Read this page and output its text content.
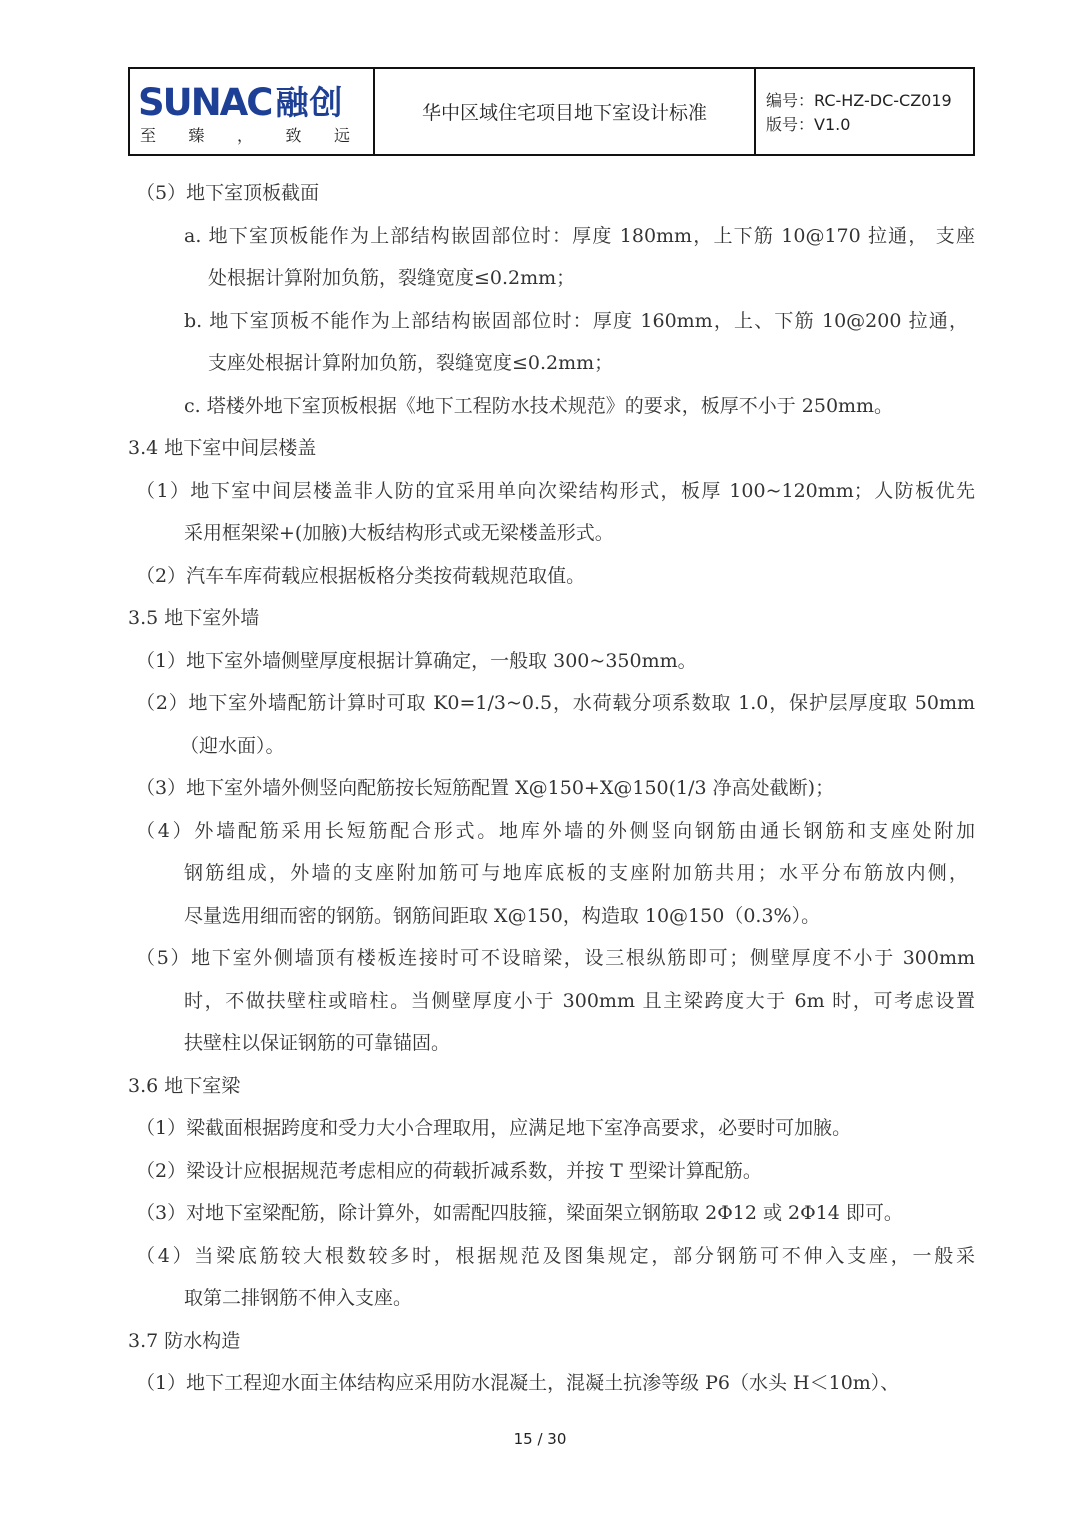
SUNAC 融创
至 臻 ， 致 远
华中区域住宅项目地下室设计标准
编号：RC-HZ-DC-CZ019
版号：V1.0
（5）地下室顶板截面
a. 地下室顶板能作为上部结构嵌固部位时：厚度 180mm，上下筋 10@170 拉通， 支座
处根据计算附加负筋，裂缝宽度≤0.2mm；
b. 地下室顶板不能作为上部结构嵌固部位时：厚度 160mm，上、下筋 10@200 拉通，
支座处根据计算附加负筋，裂缝宽度≤0.2mm；
c. 塔楼外地下室顶板根据《地下工程防水技术规范》的要求，板厚不小于 250mm。
3.4 地下室中间层楼盖
（1）地下室中间层楼盖非人防的宜采用单向次梁结构形式，板厚 100~120mm；人防板优先
采用框架梁+(加腋)大板结构形式或无梁楼盖形式。
（2）汽车车库荷载应根据板格分类按荷载规范取值。
3.5 地下室外墙
（1）地下室外墙侧壁厚度根据计算确定，一般取 300~350mm。
（2）地下室外墙配筋计算时可取 K0=1/3~0.5，水荷载分项系数取 1.0，保护层厚度取 50mm
（迎水面）。
（3）地下室外墙外侧竖向配筋按长短筋配置 X@150+X@150(1/3 净高处截断)；
（4）外墙配筋采用长短筋配合形式。地库外墙的外侧竖向钢筋由通长钢筋和支座处附加
钢筋组成，外墙的支座附加筋可与地库底板的支座附加筋共用；水平分布筋放内侧，
尽量选用细而密的钢筋。钢筋间距取 X@150，构造取 10@150（0.3%）。
（5）地下室外侧墙顶有楼板连接时可不设暗梁，设三根纵筋即可；侧壁厚度不小于 300mm
时，不做扶壁柱或暗柱。当侧壁厚度小于 300mm 且主梁跨度大于 6m 时，可考虑设置
扶壁柱以保证钢筋的可靠锚固。
3.6 地下室梁
（1）梁截面根据跨度和受力大小合理取用，应满足地下室净高要求，必要时可加腋。
（2）梁设计应根据规范考虑相应的荷载折减系数，并按 T 型梁计算配筋。
（3）对地下室梁配筋，除计算外，如需配四肢箍，梁面架立钢筋取 2Φ12 或 2Φ14 即可。
（4）当梁底筋较大根数较多时，根据规范及图集规定，部分钢筋可不伸入支座，一般采
取第二排钢筋不伸入支座。
3.7 防水构造
（1）地下工程迎水面主体结构应采用防水混凝土，混凝土抗渗等级 P6（水头 H＜10m）、
15 / 30
